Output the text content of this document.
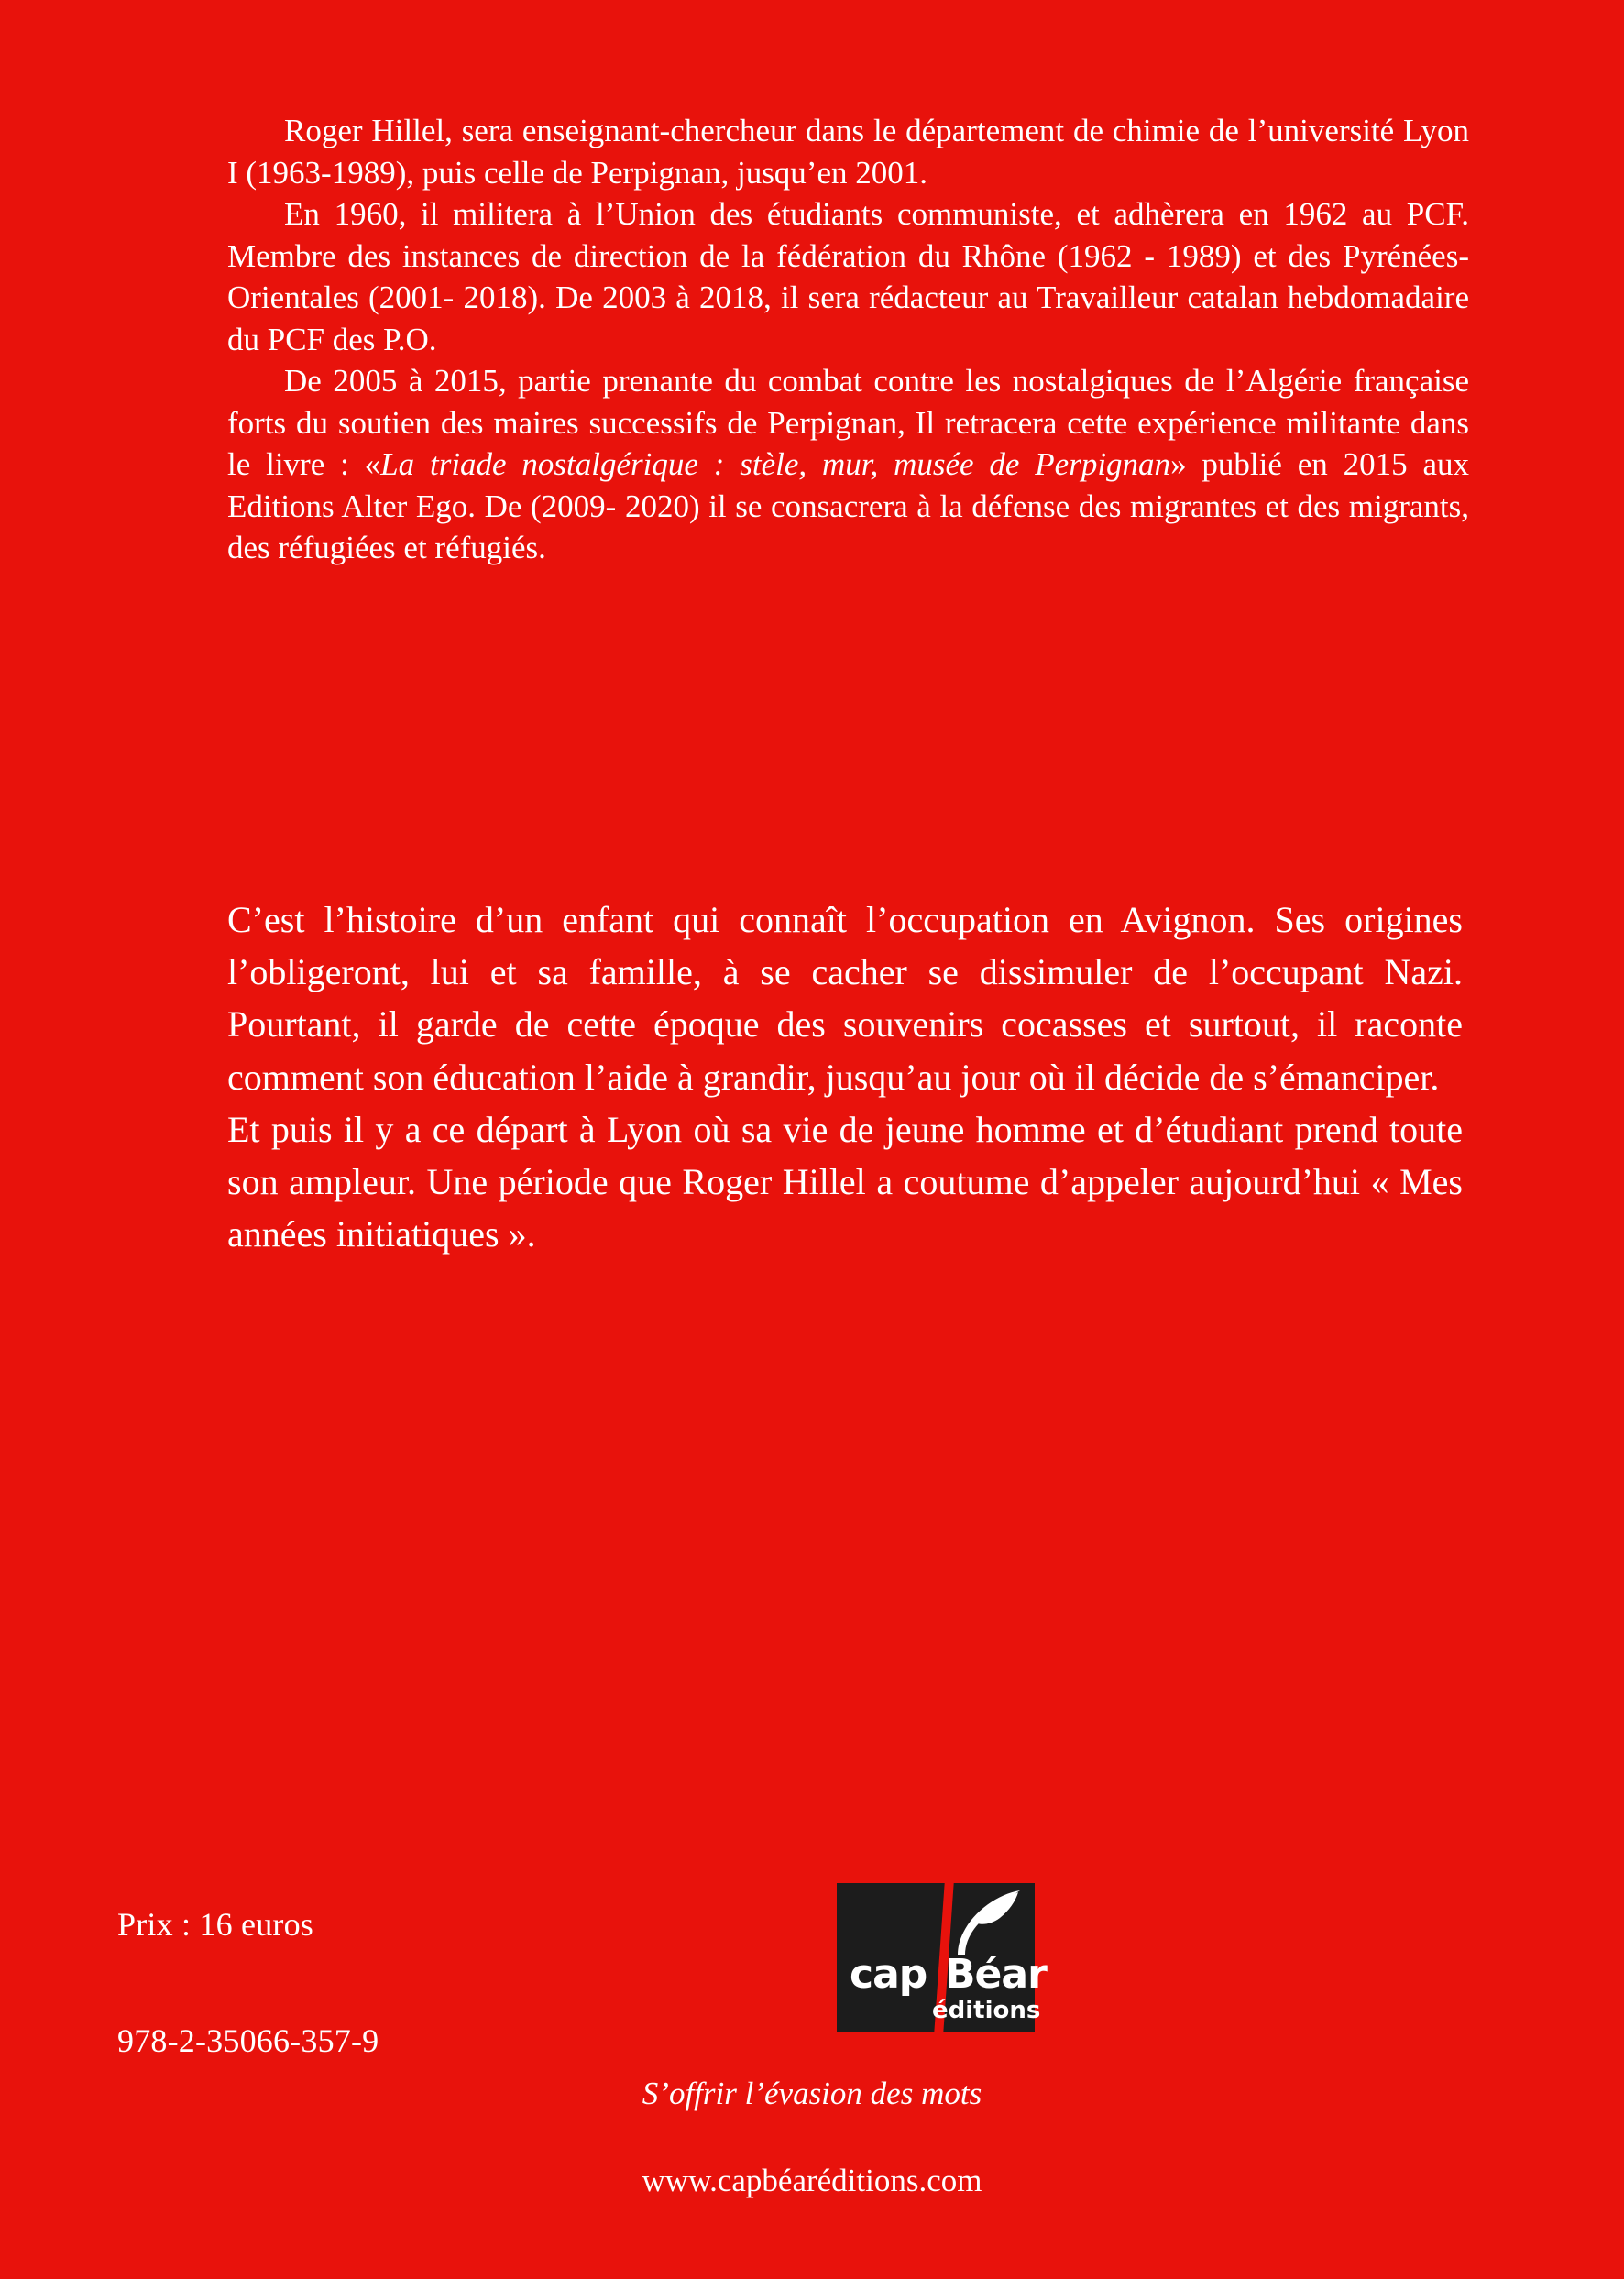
Roger Hillel, sera enseignant-chercheur dans le département de chimie de l’université Lyon I (1963-1989), puis celle de Perpignan, jusqu’en 2001.

En 1960, il militera à l’Union des étudiants communiste, et adhèrera en 1962 au PCF. Membre des instances de direction de la fédération du Rhône (1962 - 1989) et des Pyrénées-Orientales (2001- 2018). De 2003 à 2018, il sera rédacteur au Travailleur catalan hebdomadaire du PCF des P.O.

De 2005 à 2015, partie prenante du combat contre les nostalgiques de l’Algérie française forts du soutien des maires successifs de Perpignan, Il retracera cette expérience militante dans le livre : «La triade nostalgérique : stèle, mur, musée de Perpignan» publié en 2015 aux Editions Alter Ego. De (2009- 2020) il se consacrera à la défense des migrantes et des migrants, des réfugiées et réfugiés.

C’est l’histoire d’un enfant qui connaît l’occupation en Avignon. Ses origines l’obligeront, lui et sa famille, à se cacher se dissimuler de l’occupant Nazi. Pourtant, il garde de cette époque des souvenirs cocasses et surtout, il raconte comment son éducation l’aide à grandir, jusqu’au jour où il décide de s’émanciper.

Et puis il y a ce départ à Lyon où sa vie de jeune homme et d’étudiant prend toute son ampleur. Une période que Roger Hillel a coutume d’appeler aujourd’hui « Mes années initiatiques ».

Prix : 16 euros
978-2-35066-357-9
cap Béar
éditions
S’offrir l’évasion des mots
www.capbéaréditions.com
